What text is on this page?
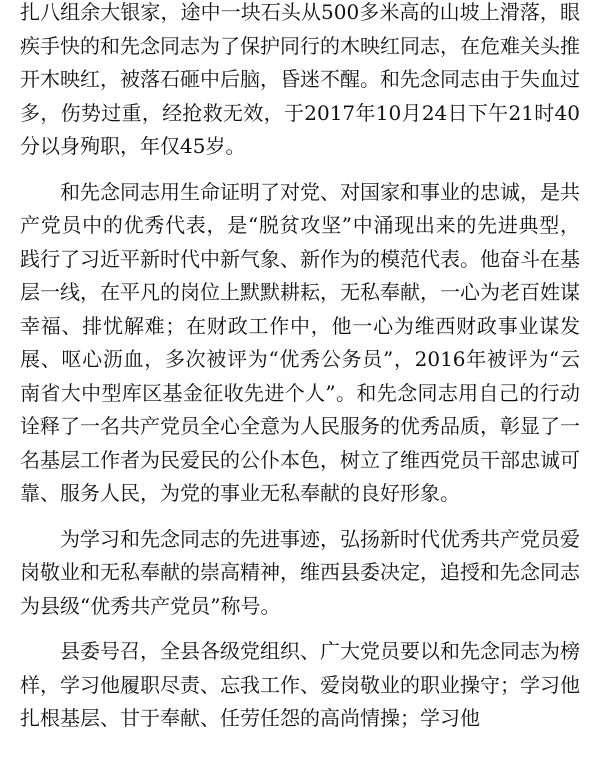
扎八组余大银家，途中一块石头从500多米高的山坡上滑落，眼疾手快的和先念同志为了保护同行的木映红同志，在危难关头推开木映红，被落石砸中后脑，昏迷不醒。和先念同志由于失血过多，伤势过重，经抢救无效，于2017年10月24日下午21时40分以身殉职，年仅45岁。

和先念同志用生命证明了对党、对国家和事业的忠诚，是共产党员中的优秀代表，是“脱贫攻坚”中涌现出来的先进典型，践行了习近平新时代中新气象、新作为的模范代表。他奋斗在基层一线，在平凡的岗位上默默耕耘，无私奉献，一心为老百姓谋幸福、排忧解难；在财政工作中，他一心为维西财政事业谋发展、呕心沥血，多次被评为“优秀公务员”，2016年被评为“云南省大中型库区基金征收先进个人”。和先念同志用自己的行动诠释了一名共产党员全心全意为人民服务的优秀品质，彰显了一名基层工作者为民爱民的公仆本色，树立了维西党员干部忠诚可靠、服务人民，为党的事业无私奉献的良好形象。

为学习和先念同志的先进事迹，弘扬新时代优秀共产党员爱岗敬业和无私奉献的崇高精神，维西县委决定，追授和先念同志为县级“优秀共产党员”称号。

县委号召，全县各级党组织、广大党员要以和先念同志为榜样，学习他履职尽责、忘我工作、爱岗敬业的职业操守；学习他扎根基层、甘于奉献、任劳任怨的高尚情操；学习他
